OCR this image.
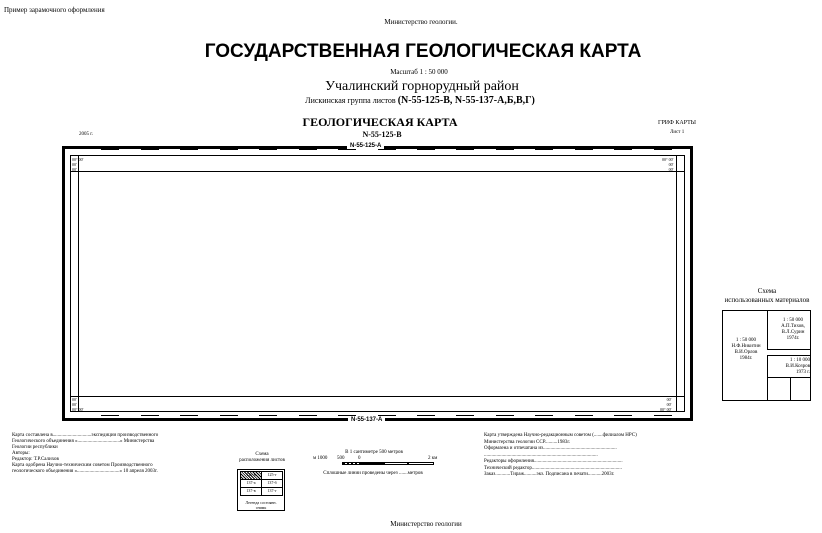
Пример зарамочного оформления
Министерство геологии.
ГОСУДАРСТВЕННАЯ ГЕОЛОГИЧЕСКАЯ КАРТА
Масштаб 1 : 50 000
Учалинский горнорудный район
Лискинская группа листов (N-55-125-В, N-55-137-А,Б,В,Г)
ГЕОЛОГИЧЕСКАЯ КАРТА
N-55-125-В
2005 г.
ГРИФ КАРТЫ
Лист 1
N-55-125-А
N-55-137-А
00° 00'
00'
00'
00° 00'
00'
00'
00'
00'
00° 00'
00'
00'
00° 00'
Схема
использованных материалов
1 : 50 000
А.П.Тихов,
В.Л.Сурин
1974г.
1 : 50 000
Н.Ф.Никитин
В.И.Орлов
1984г.	1 : 10 000
В.И.Козров
1973 г.
Карта составлена в...............................экспедиции производственного
Геологического объединения «..................................» Министерства
Геологии республики
Авторы:
Редактор: Т.Р.Салихов
Карта одобрена Научно-техническим советом Производственного
геологического объединения «..................................» 10 апреля 2003г.
Схема
расположения листов
125-в	125-г
137-а	137-б
137-в	137-г
Легенда состоянн.
снимк
В 1 сантиметре 500 метров
м 1000 500	0	2 км
Сплошные линии проведены через .......метров
Карта утверждена Научно-редакционным советом (.......филиалом НРС)
Министерства геологии ССР..........1983г.
Оформлена и отпечатана из...........................................................
...........................................................................................
Редакторы оформления.......................................................................
Технический редактор........................................................................
Заказ............Тираж..........экз. Подписана в печати...........2003г.
Министерство геологии
